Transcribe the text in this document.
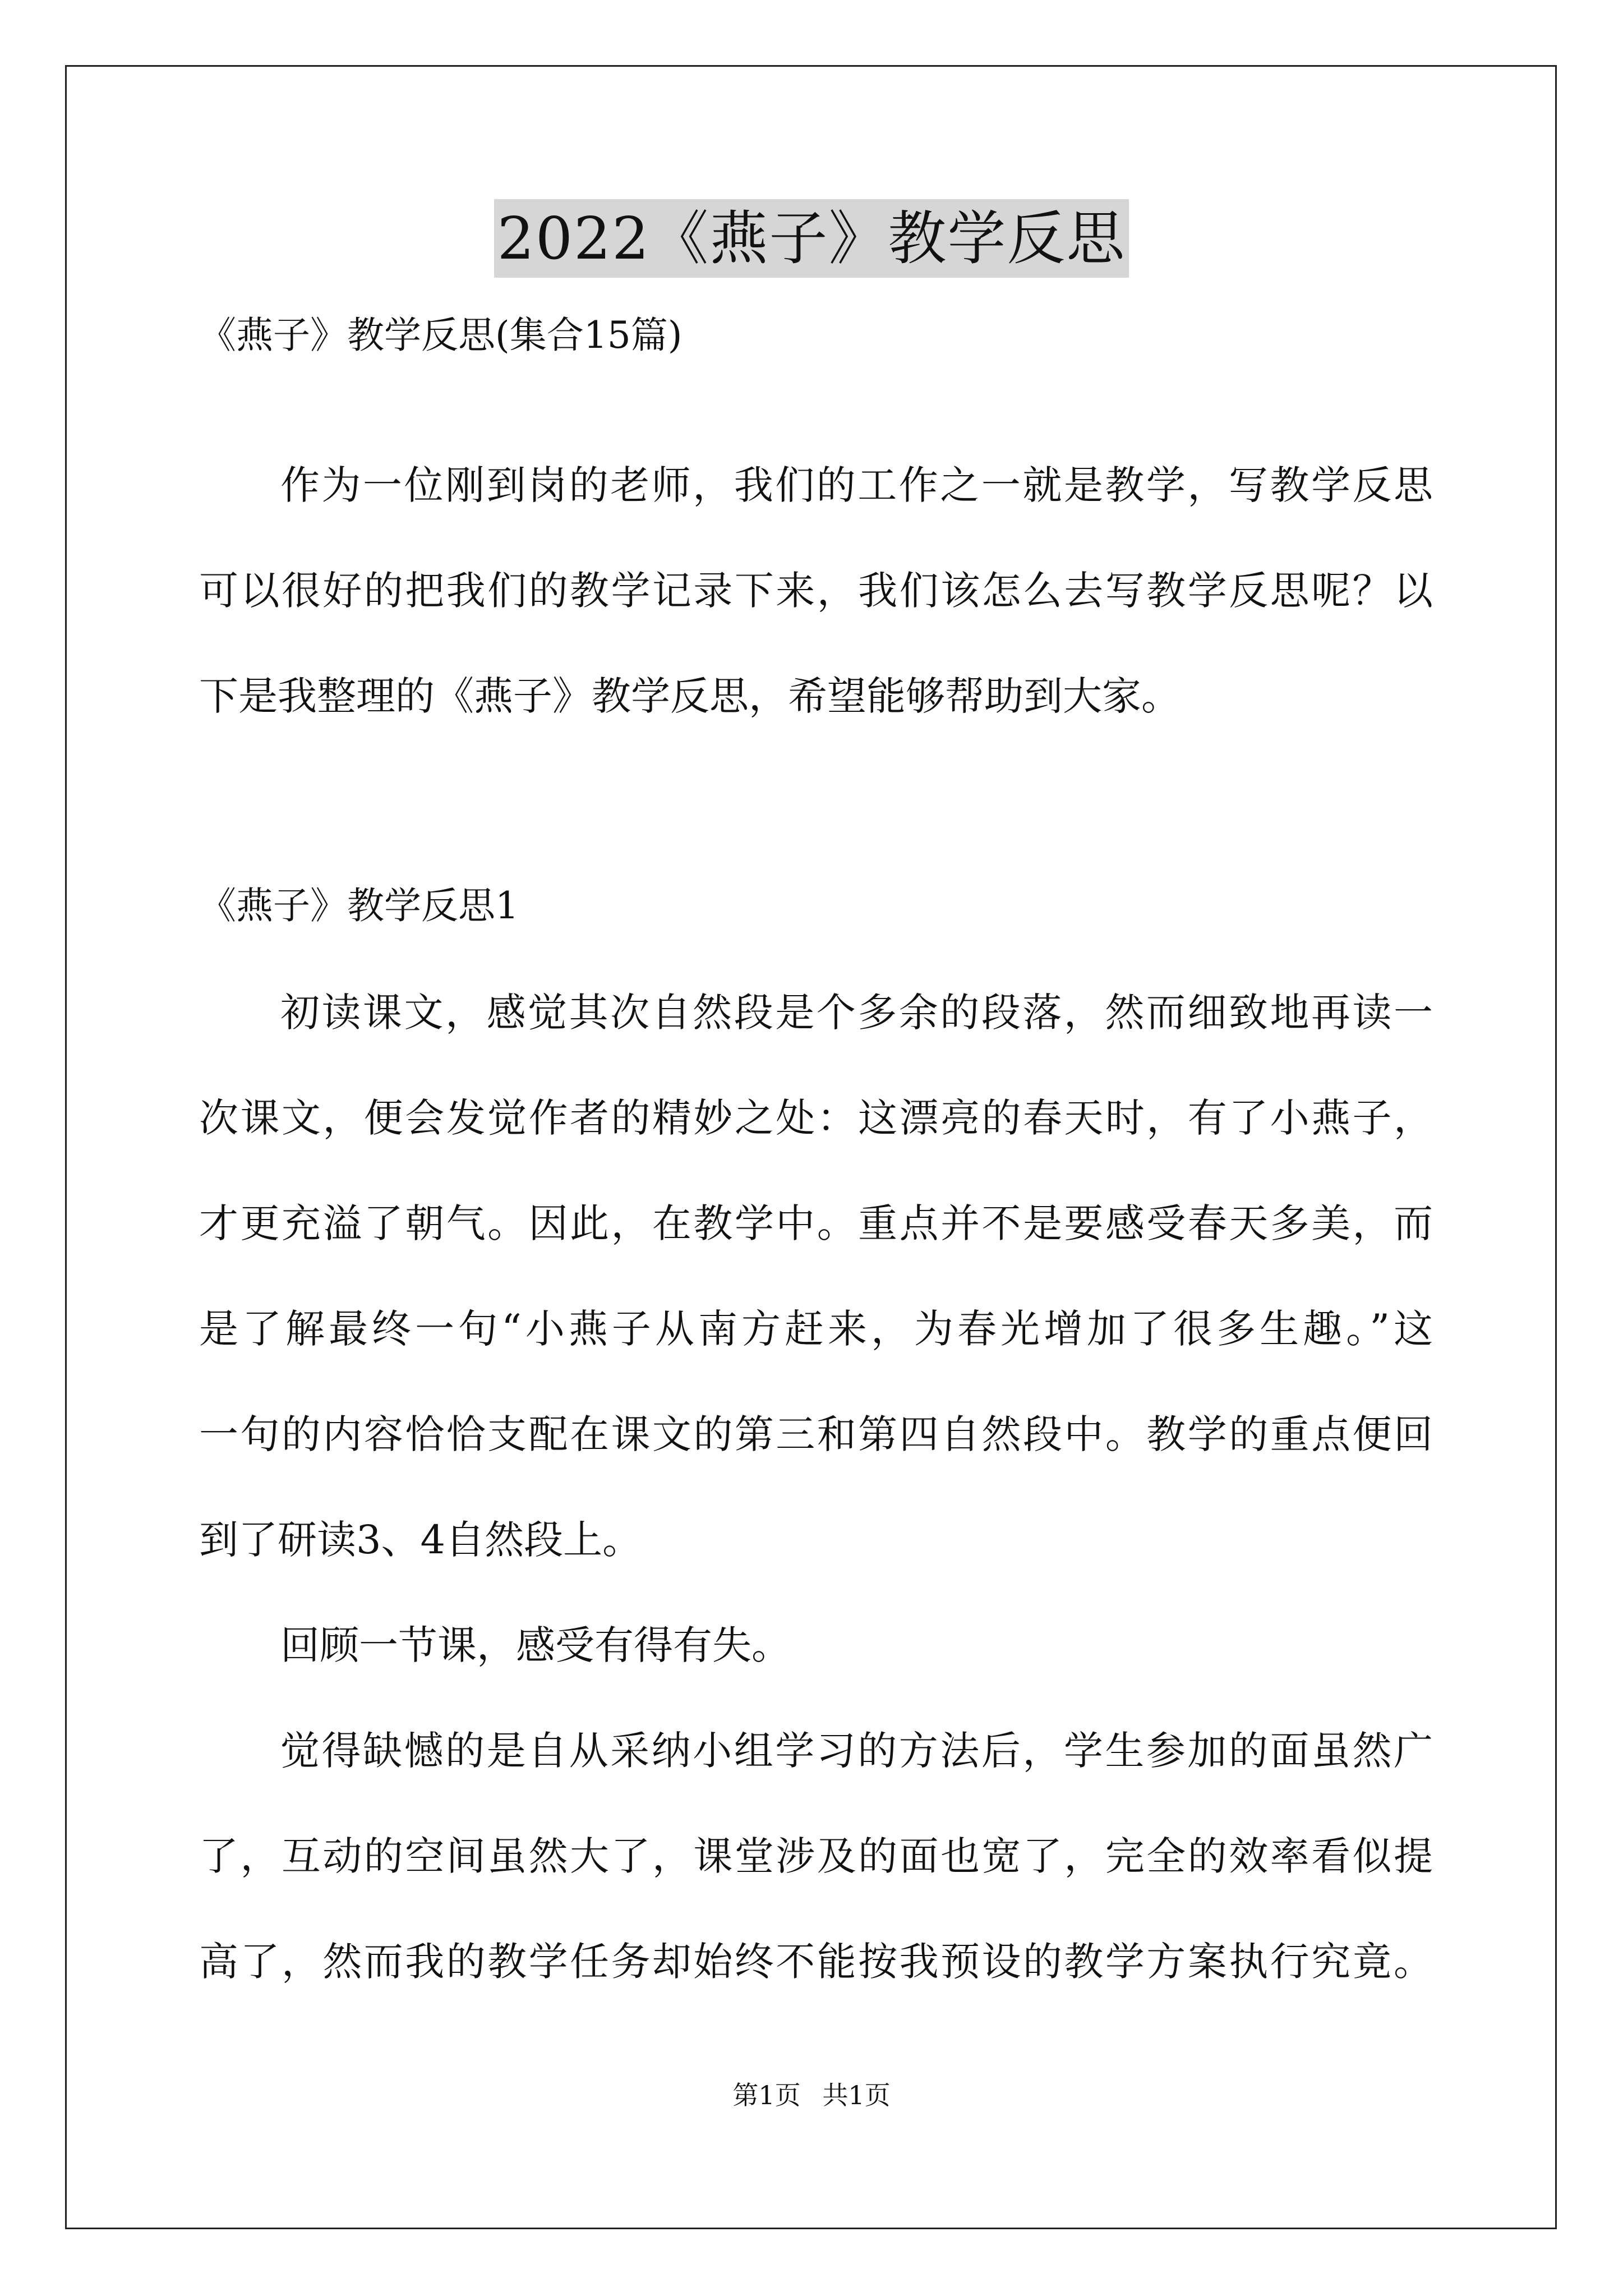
2022《燕子》教学反思
《燕子》教学反思(集合15篇)
作为一位刚到岗的老师，我们的工作之一就是教学，写教学反思
可以很好的把我们的教学记录下来，我们该怎么去写教学反思呢？以
下是我整理的《燕子》教学反思，希望能够帮助到大家。
《燕子》教学反思1
初读课文，感觉其次自然段是个多余的段落，然而细致地再读一
次课文，便会发觉作者的精妙之处：这漂亮的春天时，有了小燕子，
才更充溢了朝气。因此，在教学中。重点并不是要感受春天多美，而
是了解最终一句“小燕子从南方赶来，为春光增加了很多生趣。”这
一句的内容恰恰支配在课文的第三和第四自然段中。教学的重点便回
到了研读3、4自然段上。
回顾一节课，感受有得有失。
觉得缺憾的是自从采纳小组学习的方法后，学生参加的面虽然广
了，互动的空间虽然大了，课堂涉及的面也宽了，完全的效率看似提
高了，然而我的教学任务却始终不能按我预设的教学方案执行究竟。
第1页 共1页
